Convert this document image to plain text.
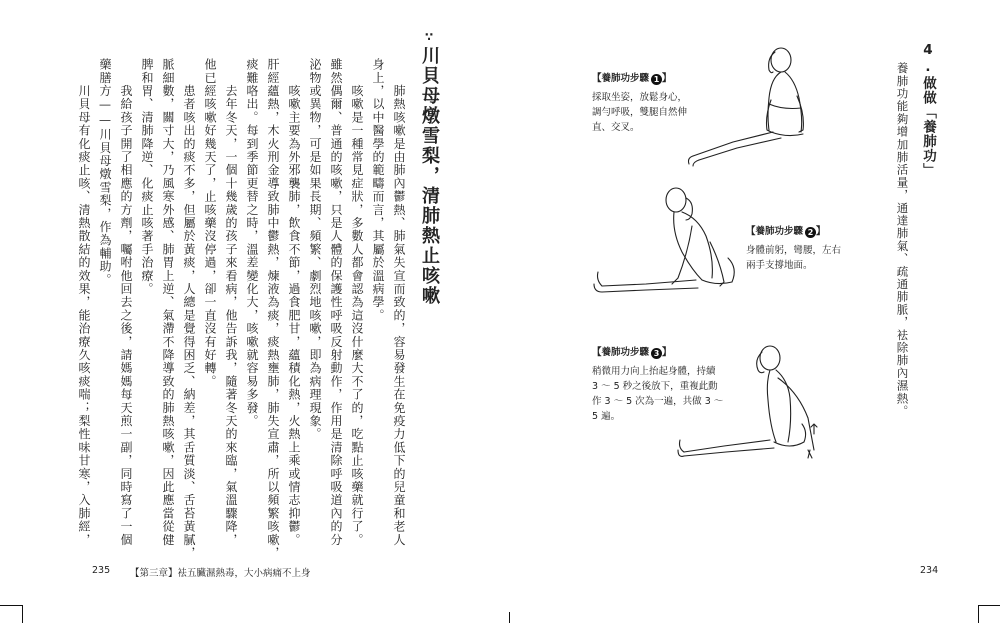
∵川貝母燉雪梨，清肺熱止咳嗽
　　肺熱咳嗽是由肺內鬱熱、肺氣失宣而致的，容易發生在免疫力低下的兒童和老人
身上，以中醫學的範疇而言，其屬於溫病學。
　　咳嗽是一種常見症狀，多數人都會認為這沒什麼大不了的，吃點止咳藥就行了。
雖然偶爾、普通的咳嗽，只是人體的保護性呼吸反射動作，作用是清除呼吸道內的分
泌物或異物，可是如果長期、頻繁、劇烈地咳嗽，即為病理現象。
　　咳嗽主要為外邪襲肺，飲食不節，過食肥甘，蘊積化熱，火熱上乘或情志抑鬱。
肝經蘊熱，木火刑金導致肺中鬱熱，煉液為痰，痰熱壅肺，肺失宣肅，所以頻繁咳嗽，
痰難咯出。每到季節更替之時，溫差變化大，咳嗽就容易多發。
　　去年冬天，一個十幾歲的孩子來看病，他告訴我，隨著冬天的來臨，氣溫驟降，
他已經咳嗽好幾天了，止咳藥沒停過，卻一直沒有好轉。
　　患者咳出的痰不多，但屬於黃痰，人總是覺得困乏、納差，其舌質淡、舌苔黃膩，
脈細數，關寸大，乃風寒外感、肺胃上逆、氣滯不降導致的肺熱咳嗽，因此應當從健
脾和胃、清肺降逆、化痰止咳著手治療。
　　我給孩子開了相應的方劑，囑咐他回去之後，請媽媽每天煎一副，同時寫了一個
藥膳方——川貝母燉雪梨，作為輔助。
　　川貝母有化痰止咳、清熱散結的效果，能治療久咳痰喘；梨性味甘寒，入肺經，
235 【第三章】袪五臟濕熱毒，大小病痛不上身
4.做做「養肺功」
養肺功能夠增加肺活量，通達肺氣、疏通肺脈，袪除肺內濕熱。
【養肺功步驟 1 】
採取坐姿，放鬆身心，
調勻呼吸，雙腿自然伸
直、交叉。
【養肺功步驟 2 】
身體前躬，彎腰，左右
兩手支撐地面。
【養肺功步驟 3 】
稍微用力向上抬起身體，持續
3 ～ 5 秒之後放下，重複此動
作 3 ～ 5 次為一遍，共做 3 ～
5 遍。
234
